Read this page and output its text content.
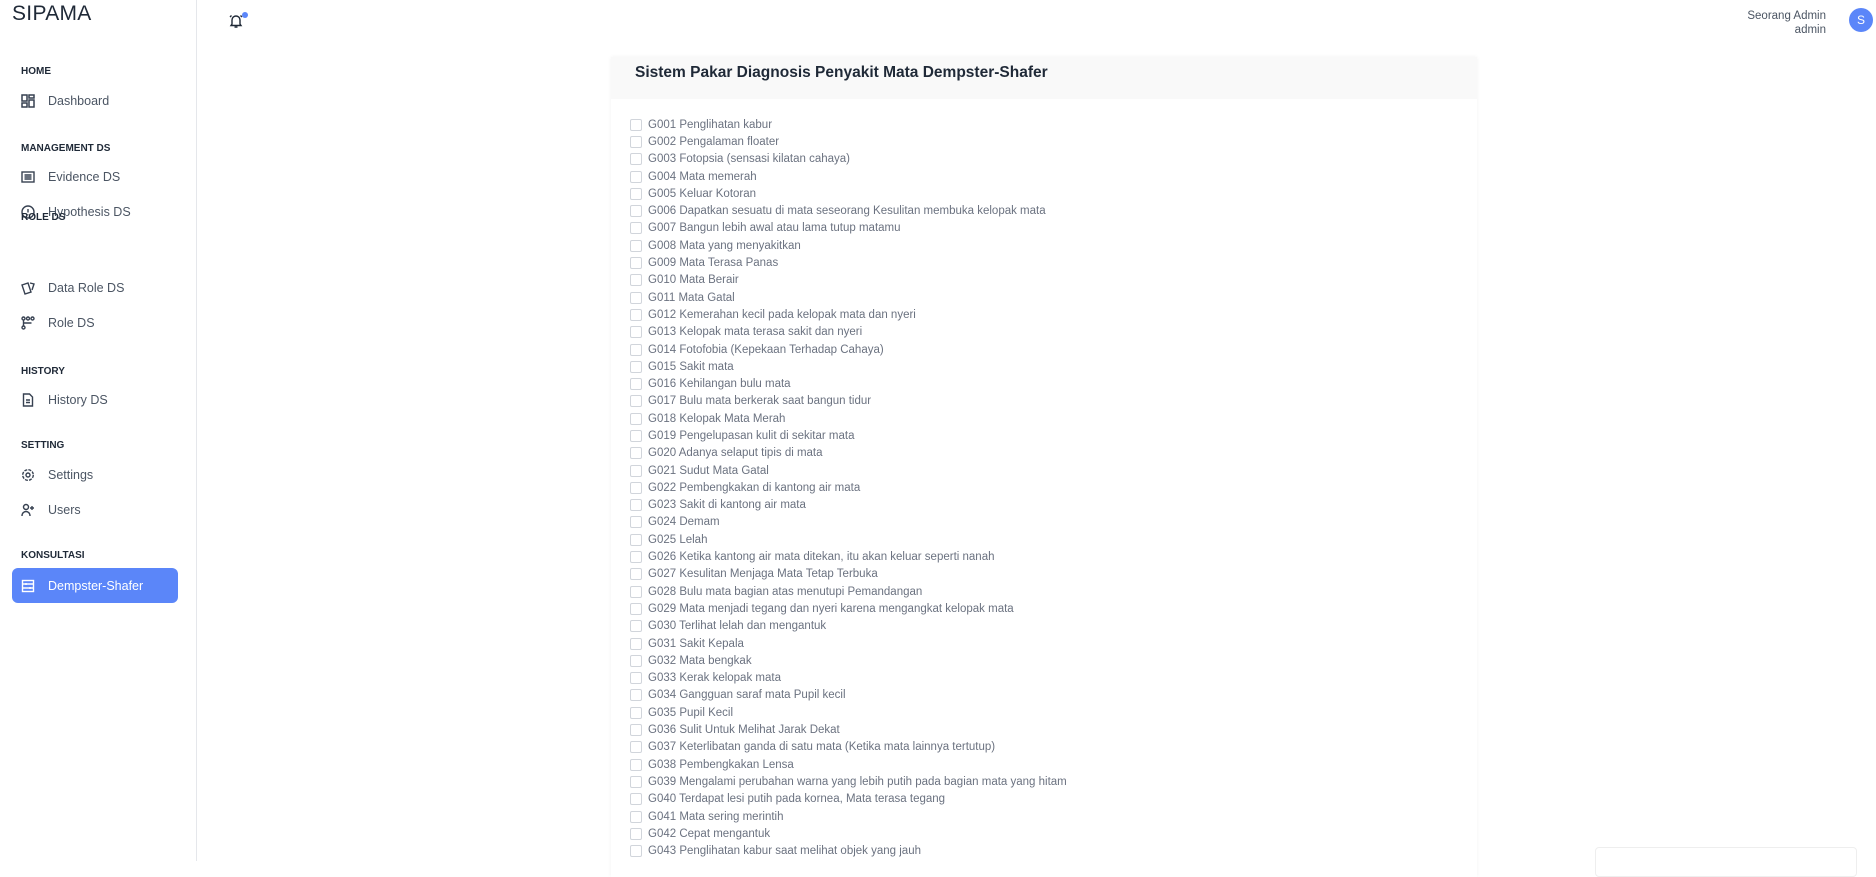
SIPAMA
HOME
Dashboard
MANAGEMENT DS
Evidence DS
Hypothesis DS
ROLE DS
Data Role DS
Role DS
HISTORY
History DS
SETTING
Settings
Users
KONSULTASI
Dempster-Shafer
Seorang Admin
admin
S
Sistem Pakar Diagnosis Penyakit Mata Dempster-Shafer
G001 Penglihatan kabur
G002 Pengalaman floater
G003 Fotopsia (sensasi kilatan cahaya)
G004 Mata memerah
G005 Keluar Kotoran
G006 Dapatkan sesuatu di mata seseorang Kesulitan membuka kelopak mata
G007 Bangun lebih awal atau lama tutup matamu
G008 Mata yang menyakitkan
G009 Mata Terasa Panas
G010 Mata Berair
G011 Mata Gatal
G012 Kemerahan kecil pada kelopak mata dan nyeri
G013 Kelopak mata terasa sakit dan nyeri
G014 Fotofobia (Kepekaan Terhadap Cahaya)
G015 Sakit mata
G016 Kehilangan bulu mata
G017 Bulu mata berkerak saat bangun tidur
G018 Kelopak Mata Merah
G019 Pengelupasan kulit di sekitar mata
G020 Adanya selaput tipis di mata
G021 Sudut Mata Gatal
G022 Pembengkakan di kantong air mata
G023 Sakit di kantong air mata
G024 Demam
G025 Lelah
G026 Ketika kantong air mata ditekan, itu akan keluar seperti nanah
G027 Kesulitan Menjaga Mata Tetap Terbuka
G028 Bulu mata bagian atas menutupi Pemandangan
G029 Mata menjadi tegang dan nyeri karena mengangkat kelopak mata
G030 Terlihat lelah dan mengantuk
G031 Sakit Kepala
G032 Mata bengkak
G033 Kerak kelopak mata
G034 Gangguan saraf mata Pupil kecil
G035 Pupil Kecil
G036 Sulit Untuk Melihat Jarak Dekat
G037 Keterlibatan ganda di satu mata (Ketika mata lainnya tertutup)
G038 Pembengkakan Lensa
G039 Mengalami perubahan warna yang lebih putih pada bagian mata yang hitam
G040 Terdapat lesi putih pada kornea, Mata terasa tegang
G041 Mata sering merintih
G042 Cepat mengantuk
G043 Penglihatan kabur saat melihat objek yang jauh
